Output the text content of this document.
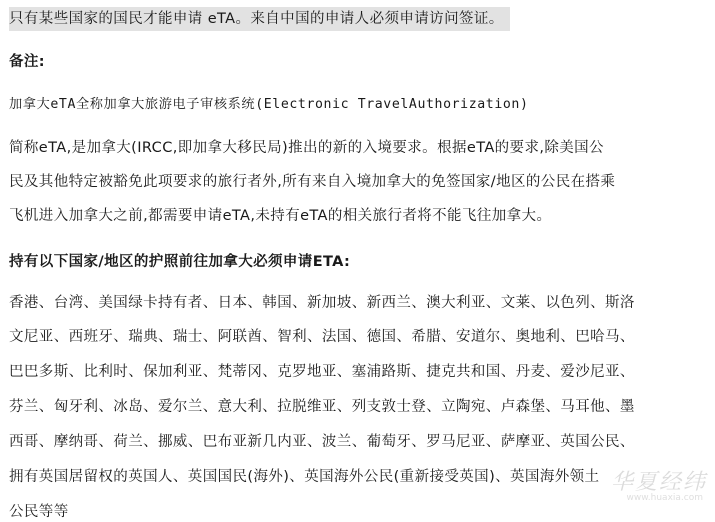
只有某些国家的国民才能申请 eTA。来自中国的申请人必须申请访问签证。

备注:

加拿大eTA全称加拿大旅游电子审核系统(Electronic TravelAuthorization)

简称eTA,是加拿大(IRCC,即加拿大移民局)推出的新的入境要求。根据eTA的要求,除美国公

民及其他特定被豁免此项要求的旅行者外,所有来自入境加拿大的免签国家/地区的公民在搭乘

飞机进入加拿大之前,都需要申请eTA,未持有eTA的相关旅行者将不能飞往加拿大。

持有以下国家/地区的护照前往加拿大必须申请ETA:

香港、台湾、美国绿卡持有者、日本、韩国、新加坡、新西兰、澳大利亚、文莱、以色列、斯洛

文尼亚、西班牙、瑞典、瑞士、阿联酋、智利、法国、德国、希腊、安道尔、奥地利、巴哈马、

巴巴多斯、比利时、保加利亚、梵蒂冈、克罗地亚、塞浦路斯、捷克共和国、丹麦、爱沙尼亚、

芬兰、匈牙利、冰岛、爱尔兰、意大利、拉脱维亚、列支敦士登、立陶宛、卢森堡、马耳他、墨

西哥、摩纳哥、荷兰、挪威、巴布亚新几内亚、波兰、葡萄牙、罗马尼亚、萨摩亚、英国公民、

拥有英国居留权的英国人、英国国民(海外)、英国海外公民(重新接受英国)、英国海外领土

公民等等

华夏经纬
www.huaxia.com
